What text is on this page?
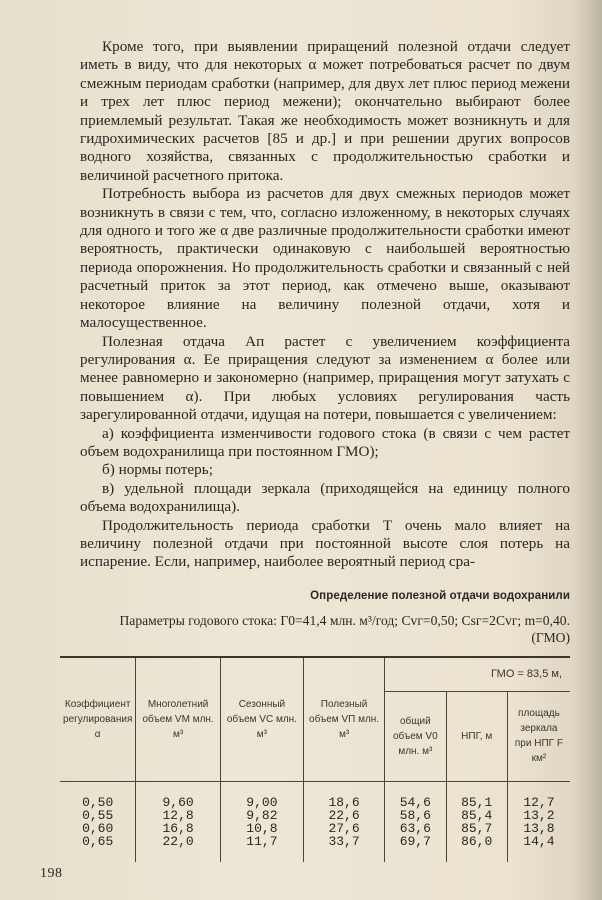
Кроме того, при выявлении приращений полезной отдачи следует иметь в виду, что для некоторых α может потребоваться расчет по двум смежным периодам сработки (например, для двух лет плюс период межени и трех лет плюс период межени); окончательно выбирают более приемлемый результат. Такая же необходимость может возникнуть и для гидрохимических расчетов [85 и др.] и при решении других вопросов водного хозяйства, связанных с продолжительностью сработки и величиной расчетного притока.

Потребность выбора из расчетов для двух смежных периодов может возникнуть в связи с тем, что, согласно изложенному, в некоторых случаях для одного и того же α две различные продолжительности сработки имеют вероятность, практически одинаковую с наибольшей вероятностью периода опорожнения. Но продолжительность сработки и связанный с ней расчетный приток за этот период, как отмечено выше, оказывают некоторое влияние на величину полезной отдачи, хотя и малосущественное.

Полезная отдача Aп растет с увеличением коэффициента регулирования α. Ее приращения следуют за изменением α более или менее равномерно и закономерно (например, приращения могут затухать с повышением α). При любых условиях регулирования часть зарегулированной отдачи, идущая на потери, повышается с увеличением:

а) коэффициента изменчивости годового стока (в связи с чем растет объем водохранилища при постоянном ГМО);

б) нормы потерь;

в) удельной площади зеркала (приходящейся на единицу полного объема водохранилища).

Продолжительность периода сработки T очень мало влияет на величину полезной отдачи при постоянной высоте слоя потерь на испарение. Если, например, наиболее вероятный период сра-

Определение полезной отдачи водохранили
Параметры годового стока: Г0=41,4 млн. м³/год; Cvг=0,50; Csг=2Cvг; m=0,40.
(ГМО)
Коэффициент регулирования α	Многолетний объем VМ млн. м³	Сезонный объем VС млн. м³	Полезный объем VП млн. м³	ГМО = 83,5 м,		
				общий объем V0 млн. м³	НПГ, м	площадь зеркала при НПГ F км²

0,50	9,60	9,00	18,6	54,6	85,1	12,7
0,55	12,8	9,82	22,6	58,6	85,4	13,2
0,60	16,8	10,8	27,6	63,6	85,7	13,8
0,65	22,0	11,7	33,7	69,7	86,0	14,4

198
